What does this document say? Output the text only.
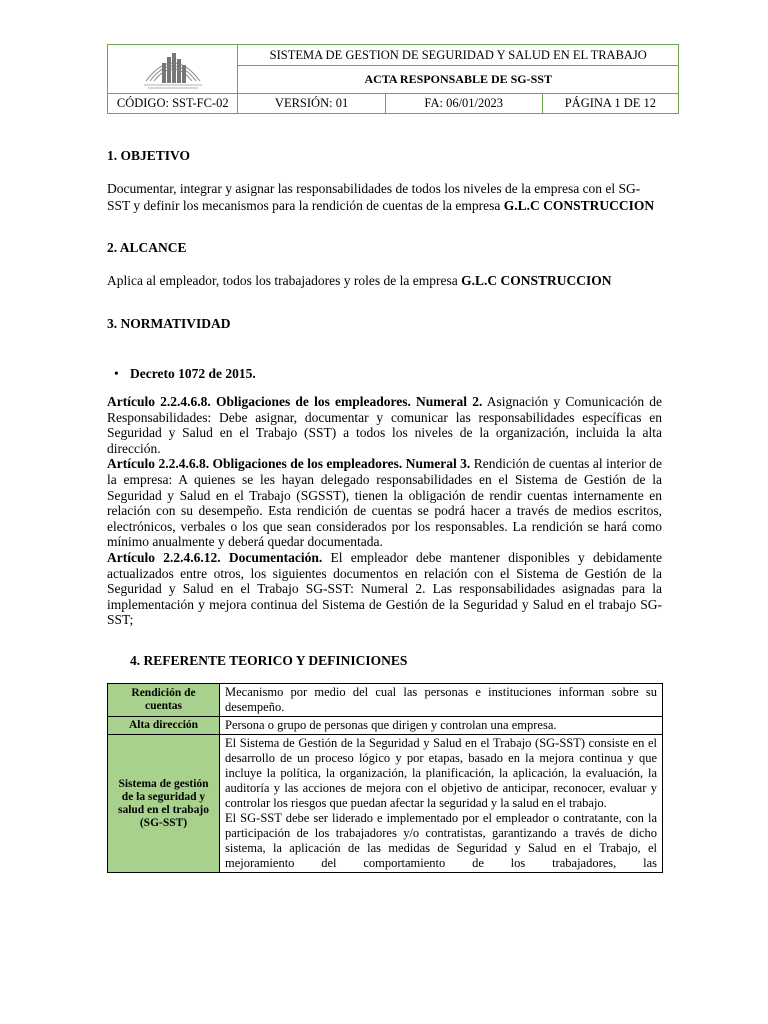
	SISTEMA DE GESTION DE SEGURIDAD Y SALUD EN EL TRABAJO		
	ACTA RESPONSABLE DE SG-SST		
CÓDIGO: SST-FC-02	VERSIÓN: 01	FA: 06/01/2023	PÁGINA 1 DE 12
1. OBJETIVO
Documentar, integrar y asignar las responsabilidades de todos los niveles de la empresa con el SG-SST y definir los mecanismos para la rendición de cuentas de la empresa G.L.C CONSTRUCCION
2. ALCANCE
Aplica al empleador, todos los trabajadores y roles de la empresa G.L.C CONSTRUCCION
3. NORMATIVIDAD
• Decreto 1072 de 2015.
Artículo 2.2.4.6.8. Obligaciones de los empleadores. Numeral 2. Asignación y Comunicación de Responsabilidades: Debe asignar, documentar y comunicar las responsabilidades específicas en Seguridad y Salud en el Trabajo (SST) a todos los niveles de la organización, incluida la alta dirección.
Artículo 2.2.4.6.8. Obligaciones de los empleadores. Numeral 3. Rendición de cuentas al interior de la empresa: A quienes se les hayan delegado responsabilidades en el Sistema de Gestión de la Seguridad y Salud en el Trabajo (SGSST), tienen la obligación de rendir cuentas internamente en relación con su desempeño. Esta rendición de cuentas se podrá hacer a través de medios escritos, electrónicos, verbales o los que sean considerados por los responsables. La rendición se hará como mínimo anualmente y deberá quedar documentada.
Artículo 2.2.4.6.12. Documentación. El empleador debe mantener disponibles y debidamente actualizados entre otros, los siguientes documentos en relación con el Sistema de Gestión de la Seguridad y Salud en el Trabajo SG-SST: Numeral 2. Las responsabilidades asignadas para la implementación y mejora continua del Sistema de Gestión de la Seguridad y Salud en el trabajo SG-SST;
4. REFERENTE TEORICO Y DEFINICIONES
Rendición de cuentas	Mecanismo por medio del cual las personas e instituciones informan sobre su desempeño.
Alta dirección	Persona o grupo de personas que dirigen y controlan una empresa.
Sistema de gestión de la seguridad y salud en el trabajo (SG-SST)	El Sistema de Gestión de la Seguridad y Salud en el Trabajo (SG-SST) consiste en el desarrollo de un proceso lógico y por etapas, basado en la mejora continua y que incluye la política, la organización, la planificación, la aplicación, la evaluación, la auditoría y las acciones de mejora con el objetivo de anticipar, reconocer, evaluar y controlar los riesgos que puedan afectar la seguridad y la salud en el trabajo.
El SG-SST debe ser liderado e implementado por el empleador o contratante, con la participación de los trabajadores y/o contratistas, garantizando a través de dicho sistema, la aplicación de las medidas de Seguridad y Salud en el Trabajo, el mejoramiento del comportamiento de los trabajadores, las
